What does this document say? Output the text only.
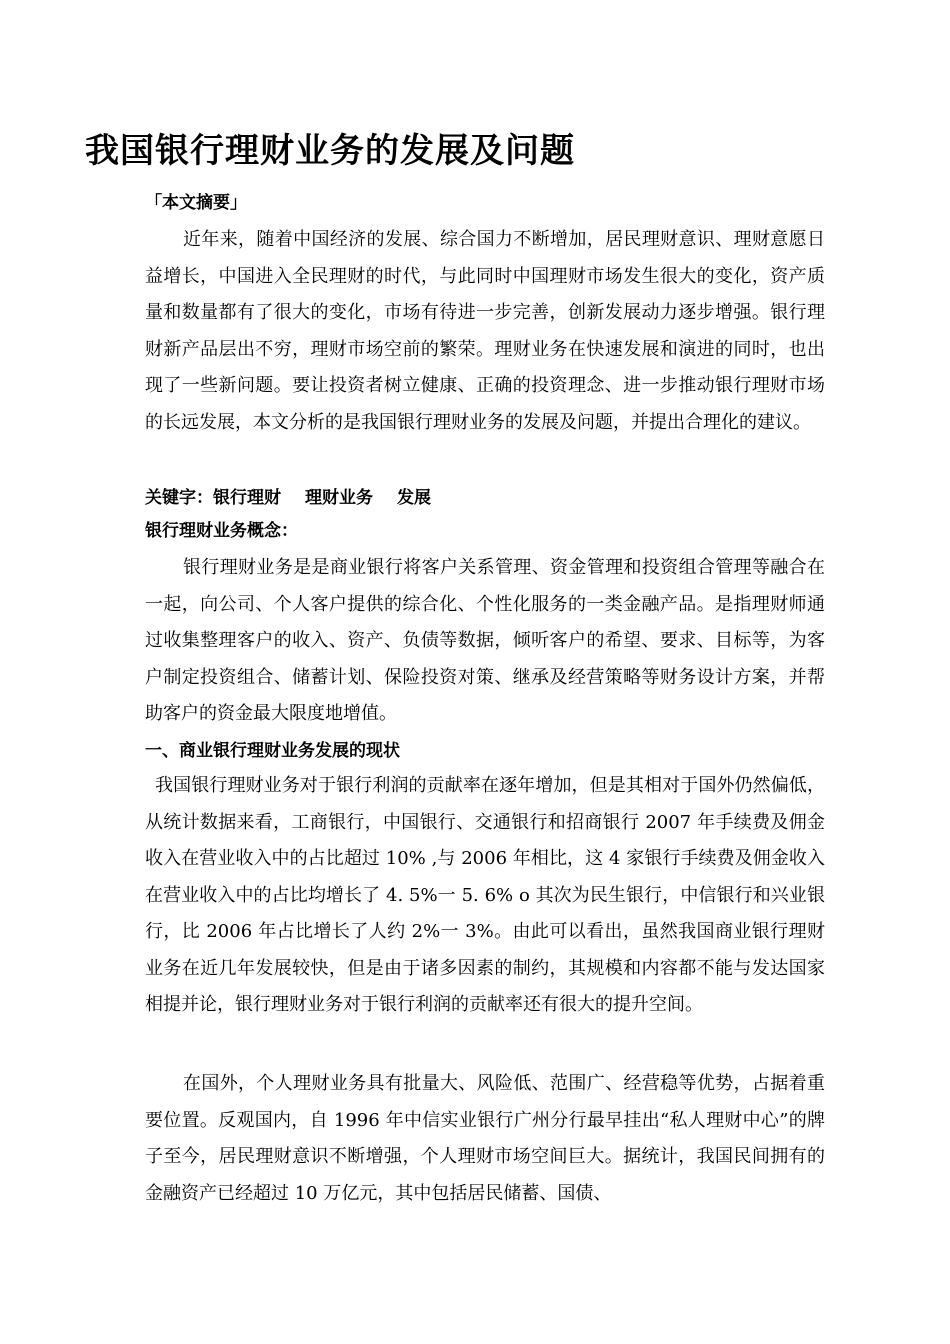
我国银行理财业务的发展及问题
「本文摘要」
近年来，随着中国经济的发展、综合国力不断增加，居民理财意识、理财意愿日益增长，中国进入全民理财的时代，与此同时中国理财市场发生很大的变化，资产质量和数量都有了很大的变化，市场有待进一步完善，创新发展动力逐步增强。银行理财新产品层出不穷，理财市场空前的繁荣。理财业务在快速发展和演进的同时，也出现了一些新问题。要让投资者树立健康、正确的投资理念、进一步推动银行理财市场的长远发展，本文分析的是我国银行理财业务的发展及问题，并提出合理化的建议。
关键字：银行理财 理财业务 发展
银行理财业务概念：
银行理财业务是是商业银行将客户关系管理、资金管理和投资组合管理等融合在一起，向公司、个人客户提供的综合化、个性化服务的一类金融产品。是指理财师通过收集整理客户的收入、资产、负债等数据，倾听客户的希望、要求、目标等，为客户制定投资组合、储蓄计划、保险投资对策、继承及经营策略等财务设计方案，并帮助客户的资金最大限度地增值。
一、商业银行理财业务发展的现状
我国银行理财业务对于银行利润的贡献率在逐年增加，但是其相对于国外仍然偏低，从统计数据来看，工商银行，中国银行、交通银行和招商银行 2007 年手续费及佣金收入在营业收入中的占比超过 10% ,与 2006 年相比，这 4 家银行手续费及佣金收入在营业收入中的占比均增长了 4. 5%一 5. 6% o 其次为民生银行，中信银行和兴业银行，比 2006 年占比增长了人约 2%一 3%。由此可以看出，虽然我国商业银行理财业务在近几年发展较快，但是由于诸多因素的制约，其规模和内容都不能与发达国家相提并论，银行理财业务对于银行利润的贡献率还有很大的提升空间。
在国外，个人理财业务具有批量大、风险低、范围广、经营稳等优势，占据着重要位置。反观国内，自 1996 年中信实业银行广州分行最早挂出“私人理财中心”的牌子至今，居民理财意识不断增强，个人理财市场空间巨大。据统计，我国民间拥有的金融资产已经超过 10 万亿元，其中包括居民储蓄、国债、
